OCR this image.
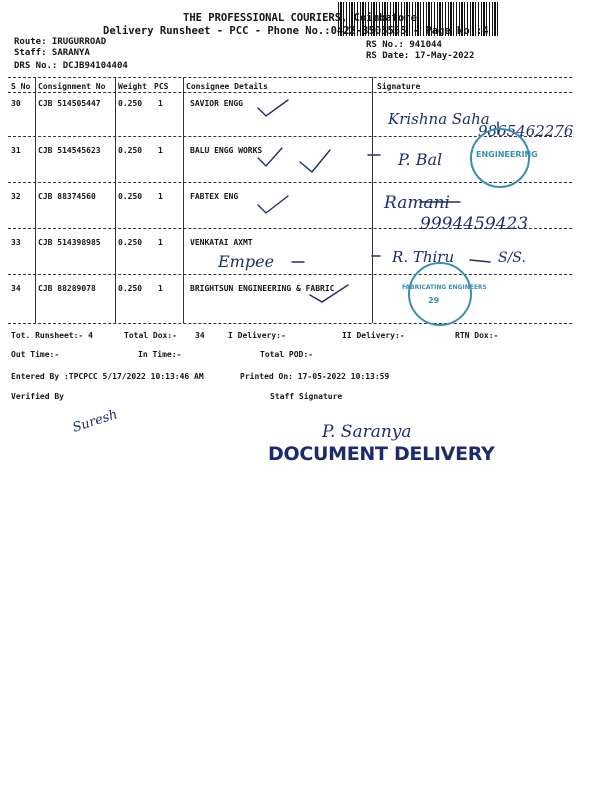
THE PROFESSIONAL COURIERS, Coimbatore
Delivery Runsheet - PCC - Phone No.:0422-3505555 - Page No.:4
Route: IRUGURROAD
Staff: SARANYA
DRS No.: DCJB94104404
RS No.: 941044
RS Date: 17-May-2022
S No Consignment No Weight PCS Consignee Details	Signature
30 CJB 514505447 0.250 1	SAVIOR ENGG
31 CJB 514545623 0.250 1	BALU ENGG WORKS
32 CJB 88374560	0.250 1	FABTEX ENG
33 CJB 514398985 0.250 1	VENKATAI AXMT
34 CJB 88289078	0.250 1	BRIGHTSUN ENGINEERING & FABRIC
Krishna Saha
9865462276
P. Bal
Ramani
9994459423
Empee	R. Thiru	S/S.
ENGINEERING
FABRICATING ENGINEERS
29
Tot. Runsheet:- 4	Total Dox:- 34	I Delivery:-	II Delivery:-	RTN Dox:-
Out Time:-	In Time:-	Total POD:-
Entered By :TPCPCC 5/17/2022 10:13:46 AM	Printed On: 17-05-2022 10:13:59
Verified By	Staff Signature
Suresh	P. Saranya
DOCUMENT DELIVERY
